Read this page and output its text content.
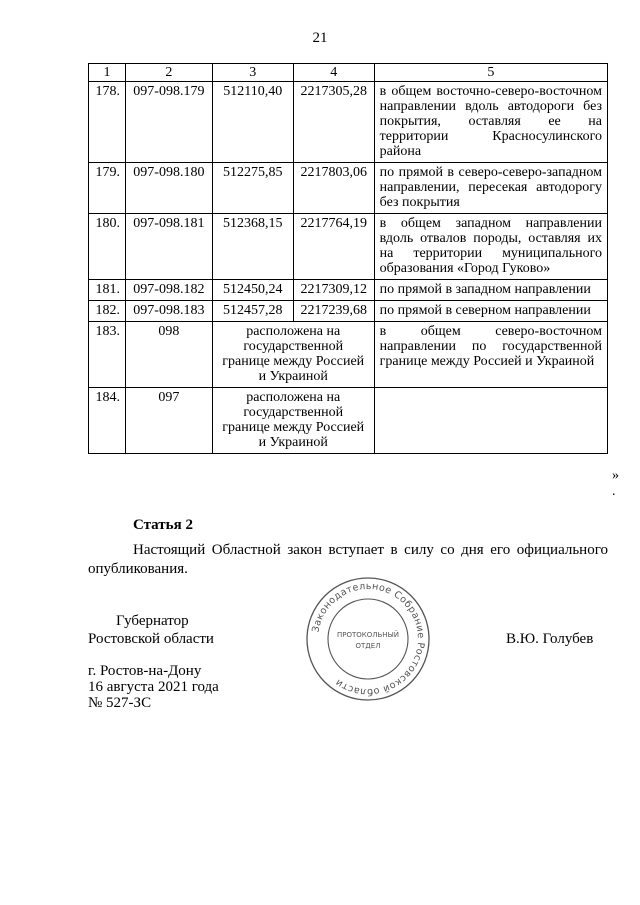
21
1	2	3	4	5
178.	097-098.179	512110,40	2217305,28	в общем восточно-северо-восточном направлении вдоль автодороги без покрытия, оставляя ее на территории Красносулинского района
179.	097-098.180	512275,85	2217803,06	по прямой в северо-северо-западном направлении, пересекая автодорогу без покрытия
180.	097-098.181	512368,15	2217764,19	в общем западном направлении вдоль отвалов породы, оставляя их на территории муниципального образования «Город Гуково»
181.	097-098.182	512450,24	2217309,12	по прямой в западном направлении
182.	097-098.183	512457,28	2217239,68	по прямой в северном направлении
183.	098	расположена на государственной границе между Россией и Украиной		в общем северо-восточном направлении по государственной границе между Россией и Украиной
184.	097	расположена на государственной границе между Россией и Украиной		
»
.
Статья 2
Настоящий Областной закон вступает в силу со дня его официального опубликования.
Губернатор
Ростовской области	В.Ю. Голубев
г. Ростов-на-Дону
16 августа 2021 года
№ 527-ЗС
Законодательное Собрание Ростовской области
ПРОТОКОЛЬНЫЙ
ОТДЕЛ
